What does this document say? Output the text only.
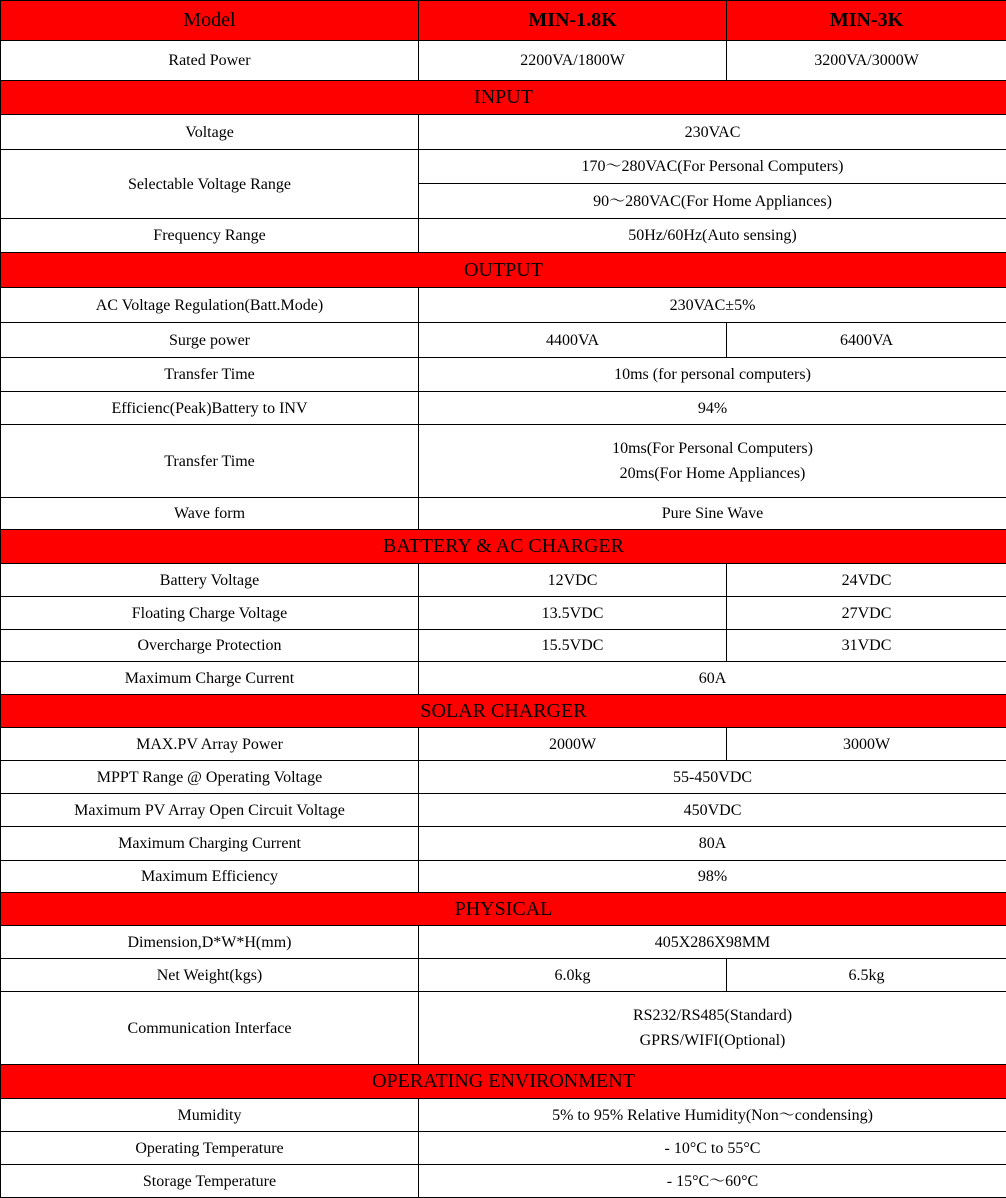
Model	MIN-1.8K	MIN-3K
Rated Power	2200VA/1800W	3200VA/3000W
INPUT		
Voltage	230VAC	
Selectable Voltage Range	170～280VAC(For Personal Computers)	
	90～280VAC(For Home Appliances)	
Frequency Range	50Hz/60Hz(Auto sensing)	
OUTPUT		
AC Voltage Regulation(Batt.Mode)	230VAC±5%	
Surge power	4400VA	6400VA
Transfer Time	10ms (for personal computers)	
Efficienc(Peak)Battery to INV	94%	
Transfer Time	10ms(For Personal Computers)
20ms(For Home Appliances)	

Wave form	Pure Sine Wave	
BATTERY & AC CHARGER		
Battery Voltage	12VDC	24VDC
Floating Charge Voltage	13.5VDC	27VDC
Overcharge Protection	15.5VDC	31VDC
Maximum Charge Current	60A	
SOLAR CHARGER		
MAX.PV Array Power	2000W	3000W
MPPT Range @ Operating Voltage	55-450VDC	
Maximum PV Array Open Circuit Voltage	450VDC	
Maximum Charging Current	80A	
Maximum Efficiency	98%	
PHYSICAL		
Dimension,D*W*H(mm)	405X286X98MM	
Net Weight(kgs)	6.0kg	6.5kg
Communication Interface	RS232/RS485(Standard)
GPRS/WIFI(Optional)	

OPERATING ENVIRONMENT		
Mumidity	5% to 95% Relative Humidity(Non～condensing)	
Operating Temperature	- 10°C to 55°C	
Storage Temperature	- 15°C～60°C	
